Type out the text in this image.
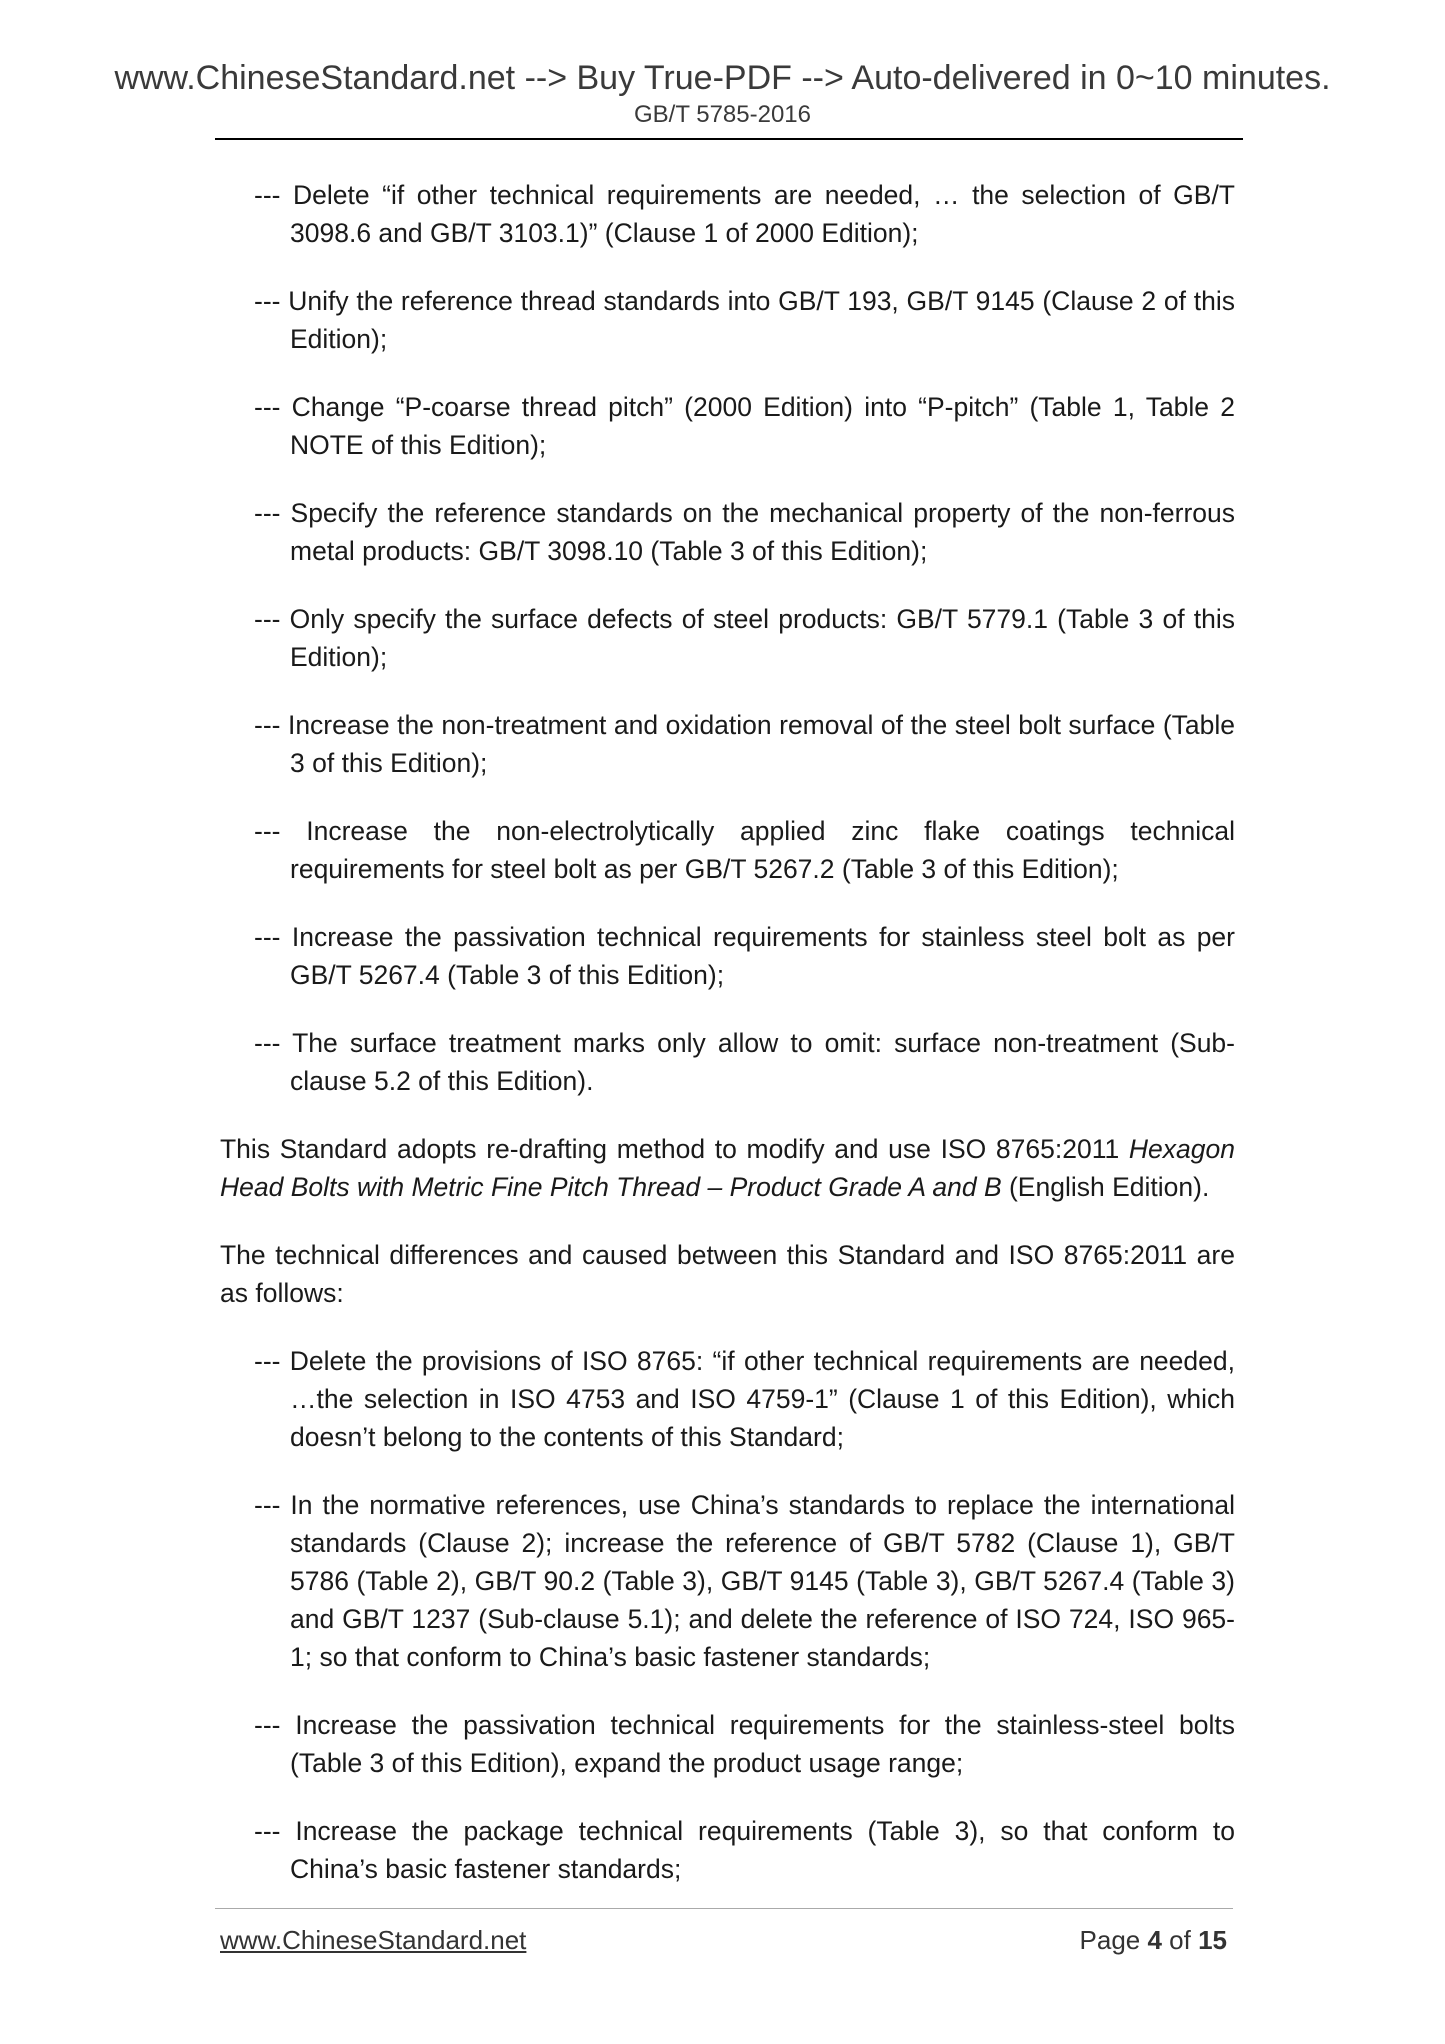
www.ChineseStandard.net --> Buy True-PDF --> Auto-delivered in 0~10 minutes.
GB/T 5785-2016
--- Delete “if other technical requirements are needed, … the selection of GB/T 3098.6 and GB/T 3103.1)” (Clause 1 of 2000 Edition);
--- Unify the reference thread standards into GB/T 193, GB/T 9145 (Clause 2 of this Edition);
--- Change “P-coarse thread pitch” (2000 Edition) into “P-pitch” (Table 1, Table 2 NOTE of this Edition);
--- Specify the reference standards on the mechanical property of the non-ferrous metal products: GB/T 3098.10 (Table 3 of this Edition);
--- Only specify the surface defects of steel products: GB/T 5779.1 (Table 3 of this Edition);
--- Increase the non-treatment and oxidation removal of the steel bolt surface (Table 3 of this Edition);
--- Increase the non-electrolytically applied zinc flake coatings technical requirements for steel bolt as per GB/T 5267.2 (Table 3 of this Edition);
--- Increase the passivation technical requirements for stainless steel bolt as per GB/T 5267.4 (Table 3 of this Edition);
--- The surface treatment marks only allow to omit: surface non-treatment (Sub-clause 5.2 of this Edition).
This Standard adopts re-drafting method to modify and use ISO 8765:2011 Hexagon Head Bolts with Metric Fine Pitch Thread – Product Grade A and B (English Edition).
The technical differences and caused between this Standard and ISO 8765:2011 are as follows:
--- Delete the provisions of ISO 8765: “if other technical requirements are needed, …the selection in ISO 4753 and ISO 4759-1” (Clause 1 of this Edition), which doesn’t belong to the contents of this Standard;
--- In the normative references, use China’s standards to replace the international standards (Clause 2); increase the reference of GB/T 5782 (Clause 1), GB/T 5786 (Table 2), GB/T 90.2 (Table 3), GB/T 9145 (Table 3), GB/T 5267.4 (Table 3) and GB/T 1237 (Sub-clause 5.1); and delete the reference of ISO 724, ISO 965-1; so that conform to China’s basic fastener standards;
--- Increase the passivation technical requirements for the stainless-steel bolts (Table 3 of this Edition), expand the product usage range;
--- Increase the package technical requirements (Table 3), so that conform to China’s basic fastener standards;
www.ChineseStandard.net	Page 4 of 15
